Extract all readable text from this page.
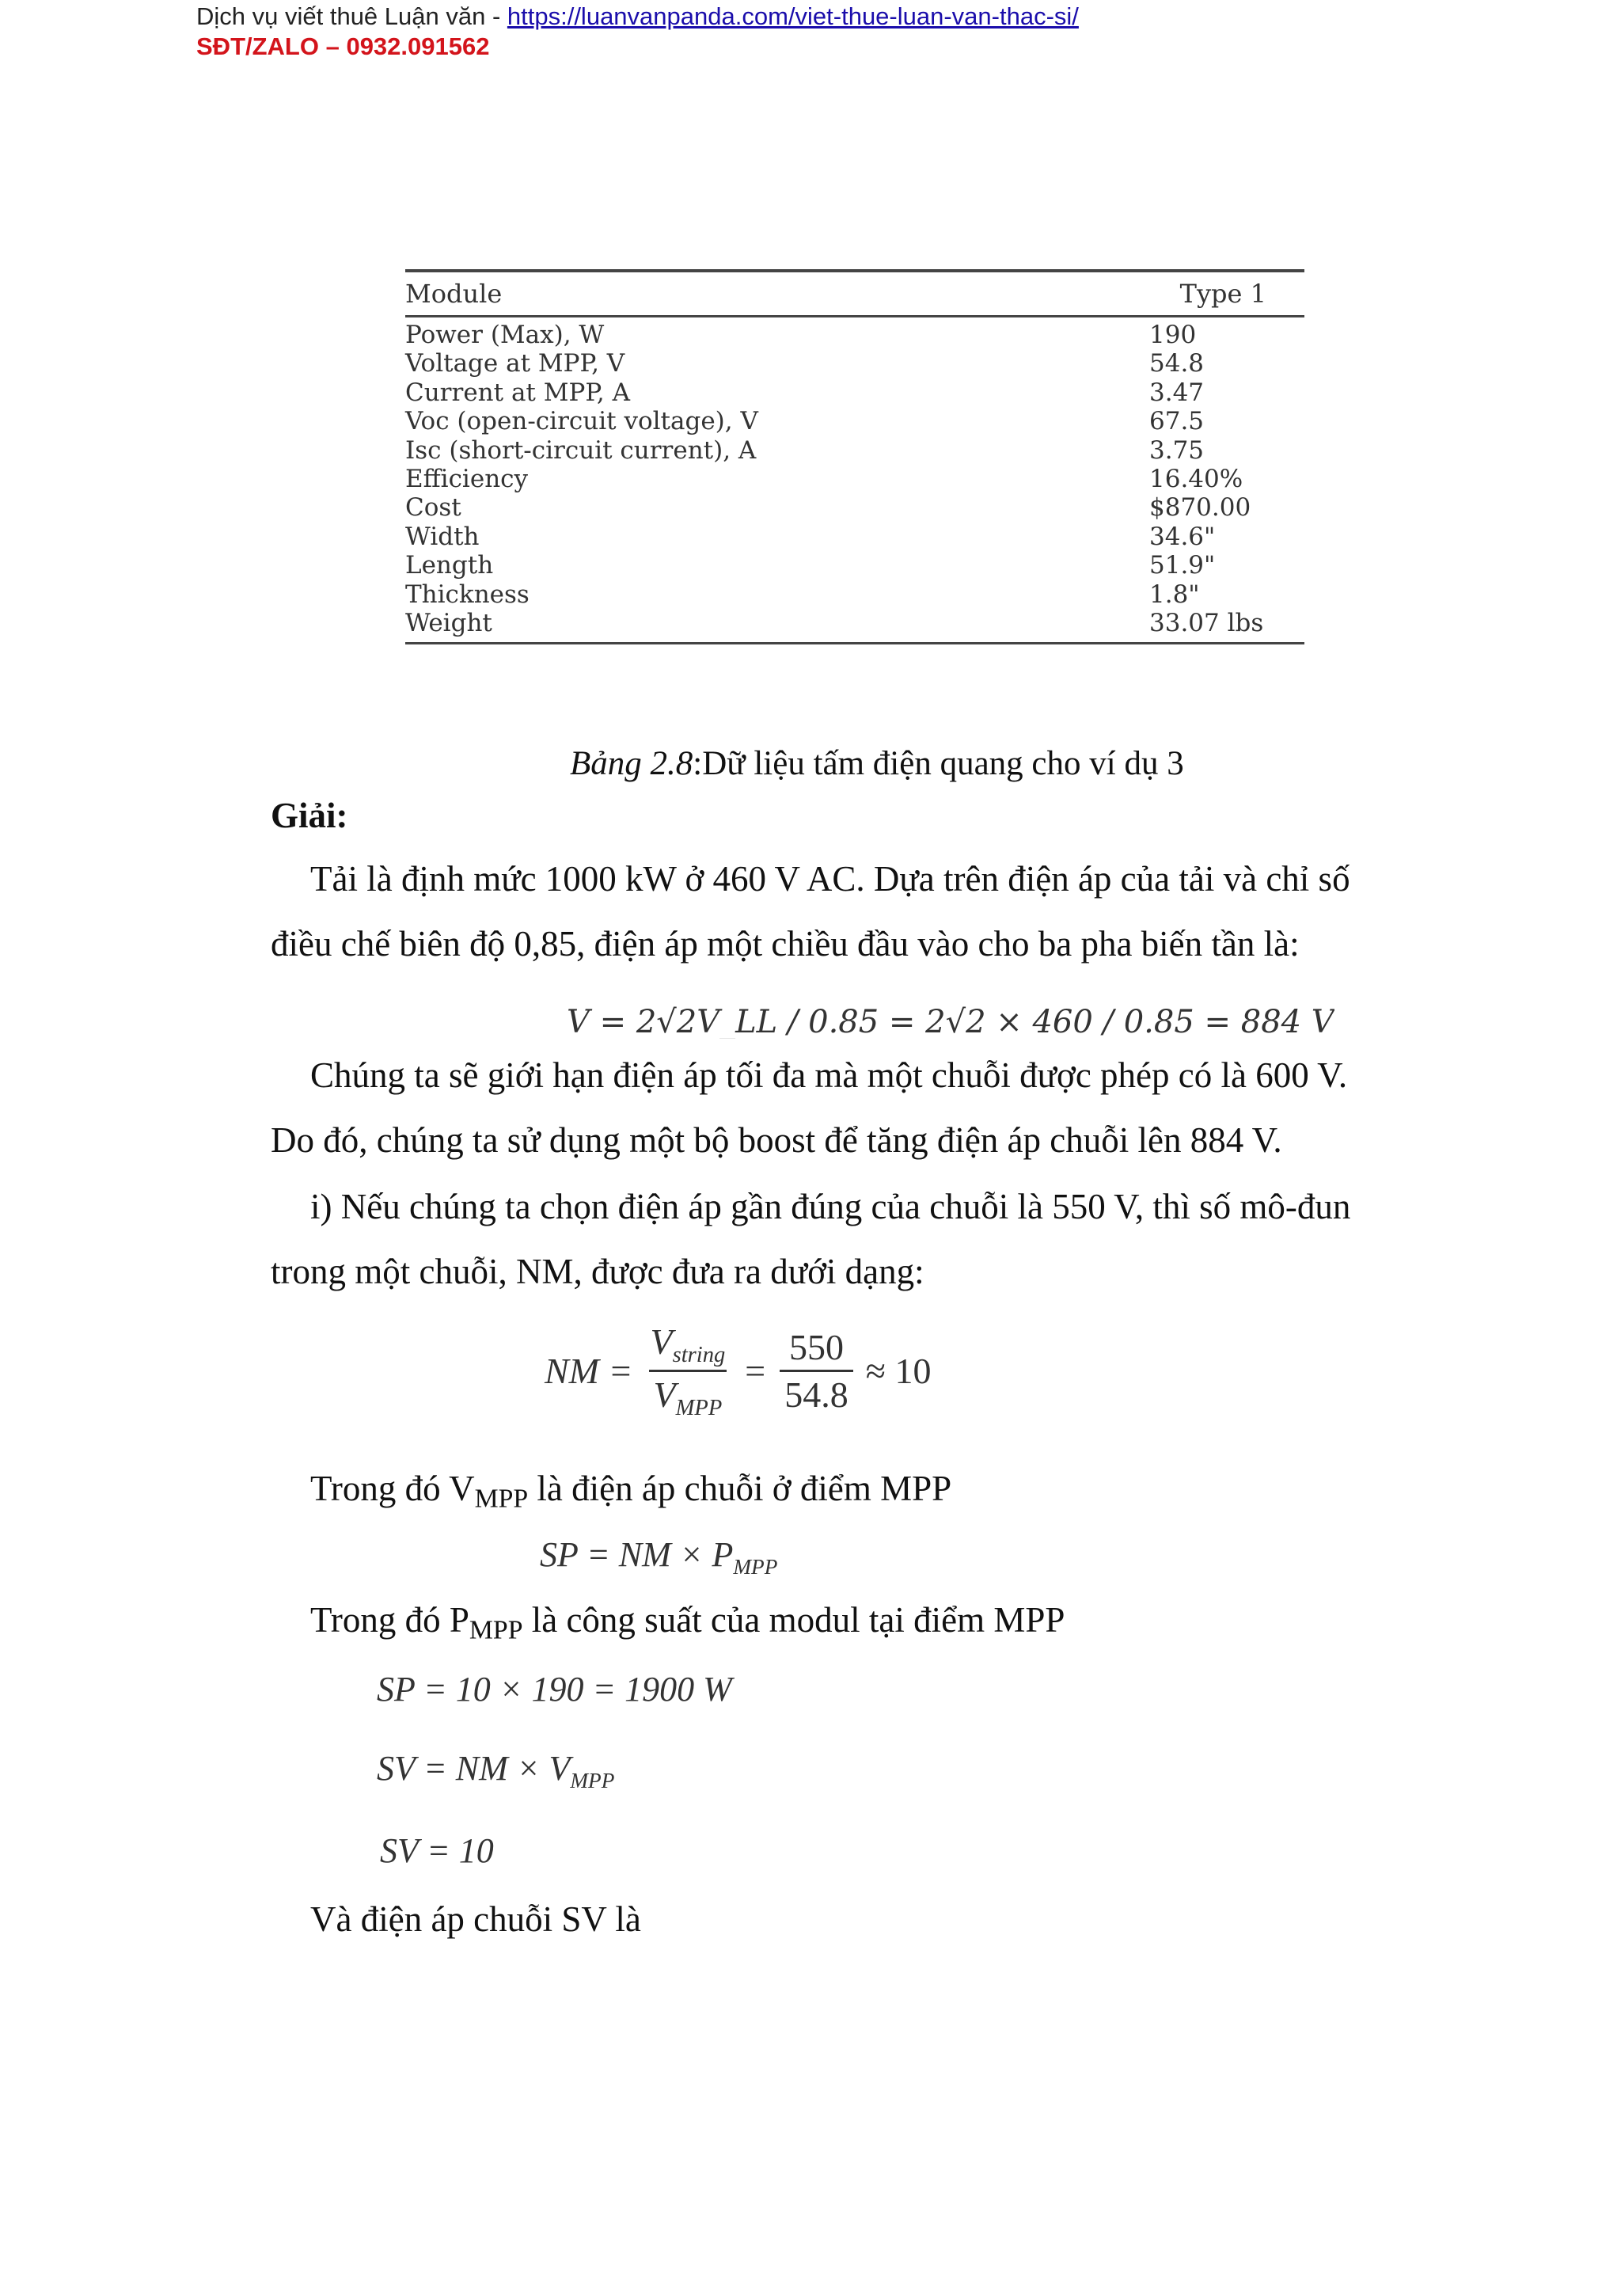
Dịch vụ viết thuê Luận văn - https://luanvanpanda.com/viet-thue-luan-van-thac-si/
SĐT/ZALO – 0932.091562
Module	Type 1
Power (Max), W	190
Voltage at MPP, V	54.8
Current at MPP, A	3.47
Voc (open-circuit voltage), V	67.5
Isc (short-circuit current), A	3.75
Efficiency	16.40%
Cost	$870.00
Width	34.6"
Length	51.9"
Thickness	1.8"
Weight	33.07 lbs
Bảng 2.8:Dữ liệu tấm điện quang cho ví dụ 3
Giải:
Tải là định mức 1000 kW ở 460 V AC. Dựa trên điện áp của tải và chỉ số
điều chế biên độ 0,85, điện áp một chiều đầu vào cho ba pha biến tần là:
V = 2√2V_LL / 0.85 = 2√2 × 460 / 0.85 = 884 V
Chúng ta sẽ giới hạn điện áp tối đa mà một chuỗi được phép có là 600 V.
Do đó, chúng ta sử dụng một bộ boost để tăng điện áp chuỗi lên 884 V.
i) Nếu chúng ta chọn điện áp gần đúng của chuỗi là 550 V, thì số mô-đun
trong một chuỗi, NM, được đưa ra dưới dạng:
NM = $\frac{V_{string}}{V_{MPP}} = \frac{550}{54.8} \approx 10$
Trong đó VMPP là điện áp chuỗi ở điểm MPP
SP = NM × $P_{MPP}$
Trong đó PMPP là công suất của modul tại điểm MPP
SP = 10 × 190 = 1900 W
SV = NM × $V_{MPP}$
SV = 10
Và điện áp chuỗi SV là
